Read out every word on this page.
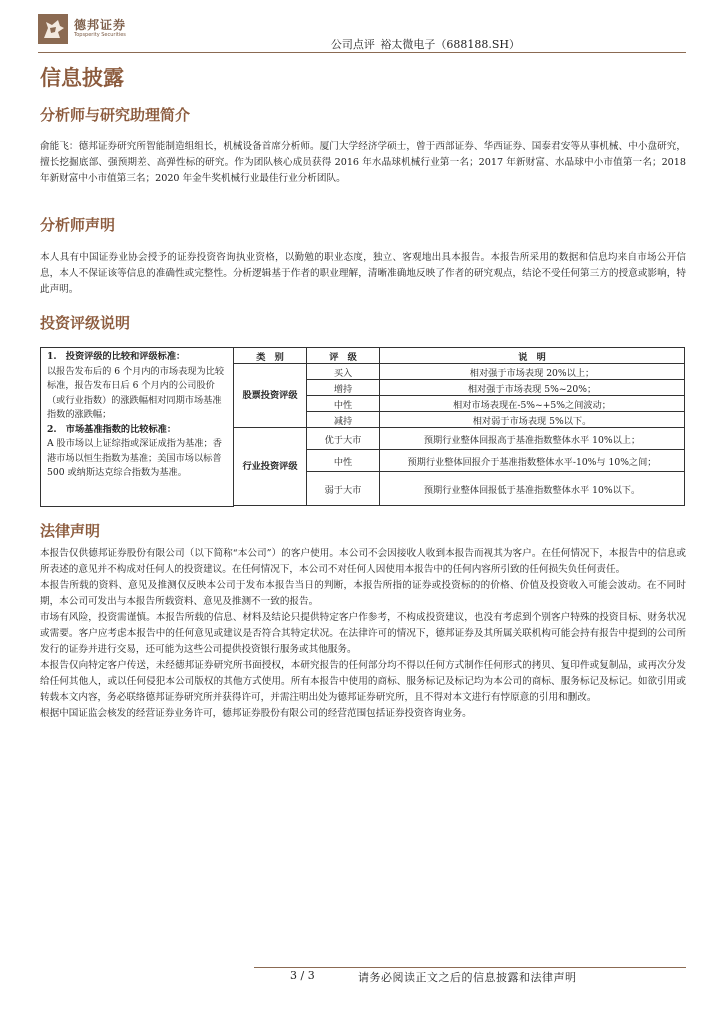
德邦证券
Topsperity Securities
公司点评 裕太微电子（688188.SH）
信息披露
分析师与研究助理简介

俞能飞：德邦证券研究所智能制造组组长，机械设备首席分析师。厦门大学经济学硕士，曾于西部证券、华西证券、国泰君安等从事机械、中小盘研究，擅长挖掘底部、强预期差、高弹性标的研究。作为团队核心成员获得 2016 年水晶球机械行业第一名；2017 年新财富、水晶球中小市值第一名；2018 年新财富中小市值第三名；2020 年金牛奖机械行业最佳行业分析团队。

分析师声明

本人具有中国证券业协会授予的证券投资咨询执业资格，以勤勉的职业态度，独立、客观地出具本报告。本报告所采用的数据和信息均来自市场公开信息，本人不保证该等信息的准确性或完整性。分析逻辑基于作者的职业理解，清晰准确地反映了作者的研究观点，结论不受任何第三方的授意或影响，特此声明。

投资评级说明
1.　投资评级的比较和评级标准：
以报告发布后的 6 个月内的市场表现为比较标准，报告发布日后 6 个月内的公司股价（或行业指数）的涨跌幅相对同期市场基准指数的涨跌幅；
2.　市场基准指数的比较标准：
A 股市场以上证综指或深证成指为基准；香港市场以恒生指数为基准；美国市场以标普 500 或纳斯达克综合指数为基准。	类　别	评　级	说　明
	股票投资评级	买入	相对强于市场表现 20%以上；
		增持	相对强于市场表现 5%~20%；
		中性	相对市场表现在-5%~+5%之间波动；
		减持	相对弱于市场表现 5%以下。
	行业投资评级	优于大市	预期行业整体回报高于基准指数整体水平 10%以上；
		中性	预期行业整体回报介于基准指数整体水平-10%与 10%之间；
		弱于大市	预期行业整体回报低于基准指数整体水平 10%以下。

法律声明

本报告仅供德邦证券股份有限公司（以下简称“本公司”）的客户使用。本公司不会因接收人收到本报告而视其为客户。在任何情况下，本报告中的信息或所表述的意见并不构成对任何人的投资建议。在任何情况下，本公司不对任何人因使用本报告中的任何内容所引致的任何损失负任何责任。

本报告所载的资料、意见及推测仅反映本公司于发布本报告当日的判断，本报告所指的证券或投资标的的价格、价值及投资收入可能会波动。在不同时期，本公司可发出与本报告所载资料、意见及推测不一致的报告。

市场有风险，投资需谨慎。本报告所载的信息、材料及结论只提供特定客户作参考，不构成投资建议，也没有考虑到个别客户特殊的投资目标、财务状况或需要。客户应考虑本报告中的任何意见或建议是否符合其特定状况。在法律许可的情况下，德邦证券及其所属关联机构可能会持有报告中提到的公司所发行的证券并进行交易，还可能为这些公司提供投资银行服务或其他服务。

本报告仅向特定客户传送，未经德邦证券研究所书面授权，本研究报告的任何部分均不得以任何方式制作任何形式的拷贝、复印件或复制品，或再次分发给任何其他人，或以任何侵犯本公司版权的其他方式使用。所有本报告中使用的商标、服务标记及标记均为本公司的商标、服务标记及标记。如欲引用或转载本文内容，务必联络德邦证券研究所并获得许可，并需注明出处为德邦证券研究所，且不得对本文进行有悖原意的引用和删改。

根据中国证监会核发的经营证券业务许可，德邦证券股份有限公司的经营范围包括证券投资咨询业务。

3 / 3	请务必阅读正文之后的信息披露和法律声明
